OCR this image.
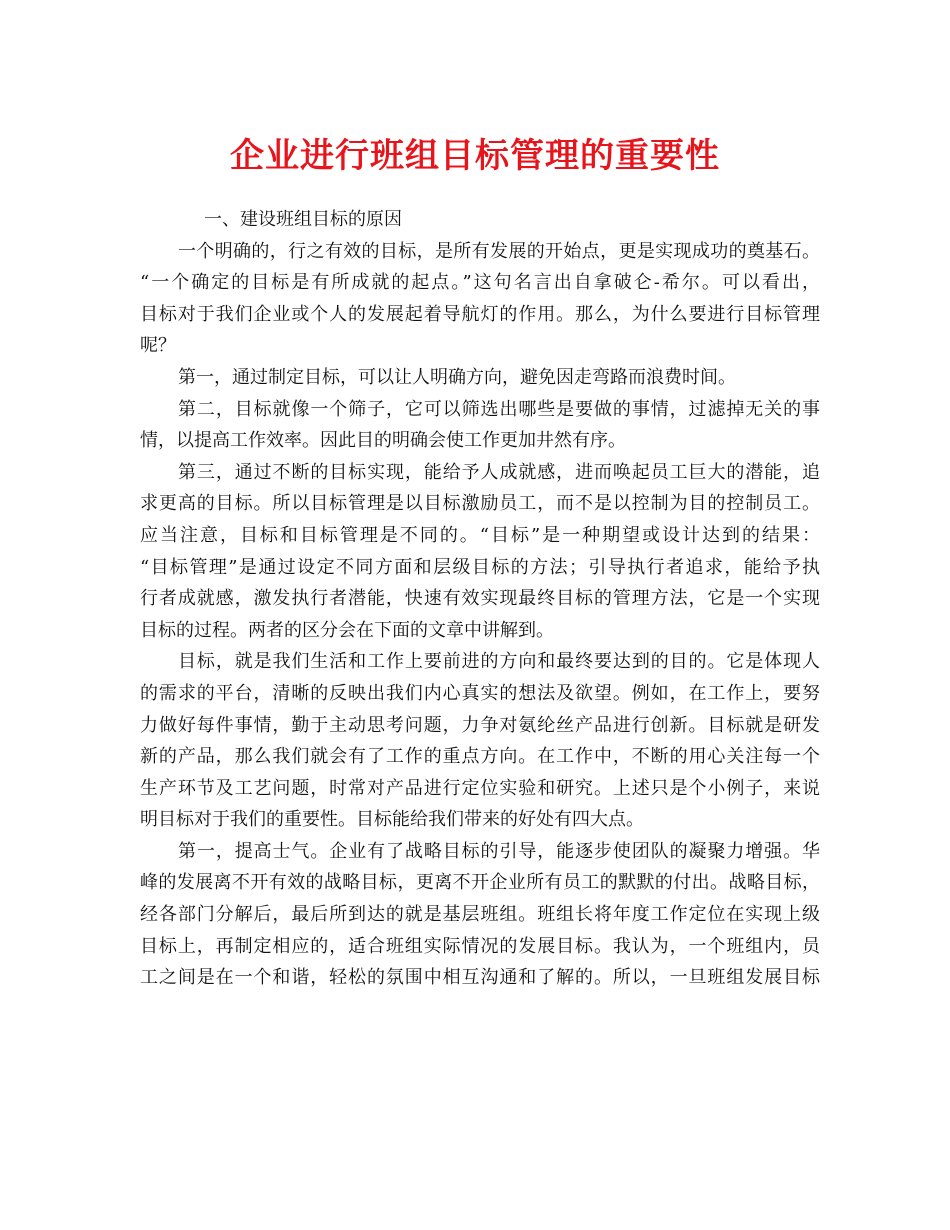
企业进行班组目标管理的重要性
一、建设班组目标的原因
一个明确的，行之有效的目标，是所有发展的开始点，更是实现成功的奠基石。
“一个确定的目标是有所成就的起点。”这句名言出自拿破仑-希尔。可以看出，
目标对于我们企业或个人的发展起着导航灯的作用。那么，为什么要进行目标管理
呢？
第一，通过制定目标，可以让人明确方向，避免因走弯路而浪费时间。
第二，目标就像一个筛子，它可以筛选出哪些是要做的事情，过滤掉无关的事
情，以提高工作效率。因此目的明确会使工作更加井然有序。
第三，通过不断的目标实现，能给予人成就感，进而唤起员工巨大的潜能，追
求更高的目标。所以目标管理是以目标激励员工，而不是以控制为目的控制员工。
应当注意，目标和目标管理是不同的。“目标”是一种期望或设计达到的结果：
“目标管理”是通过设定不同方面和层级目标的方法；引导执行者追求，能给予执
行者成就感，激发执行者潜能，快速有效实现最终目标的管理方法，它是一个实现
目标的过程。两者的区分会在下面的文章中讲解到。
目标，就是我们生活和工作上要前进的方向和最终要达到的目的。它是体现人
的需求的平台，清晰的反映出我们内心真实的想法及欲望。例如，在工作上，要努
力做好每件事情，勤于主动思考问题，力争对氨纶丝产品进行创新。目标就是研发
新的产品，那么我们就会有了工作的重点方向。在工作中，不断的用心关注每一个
生产环节及工艺问题，时常对产品进行定位实验和研究。上述只是个小例子，来说
明目标对于我们的重要性。目标能给我们带来的好处有四大点。
第一，提高士气。企业有了战略目标的引导，能逐步使团队的凝聚力增强。华
峰的发展离不开有效的战略目标，更离不开企业所有员工的默默的付出。战略目标，
经各部门分解后，最后所到达的就是基层班组。班组长将年度工作定位在实现上级
目标上，再制定相应的，适合班组实际情况的发展目标。我认为，一个班组内，员
工之间是在一个和谐，轻松的氛围中相互沟通和了解的。所以，一旦班组发展目标
